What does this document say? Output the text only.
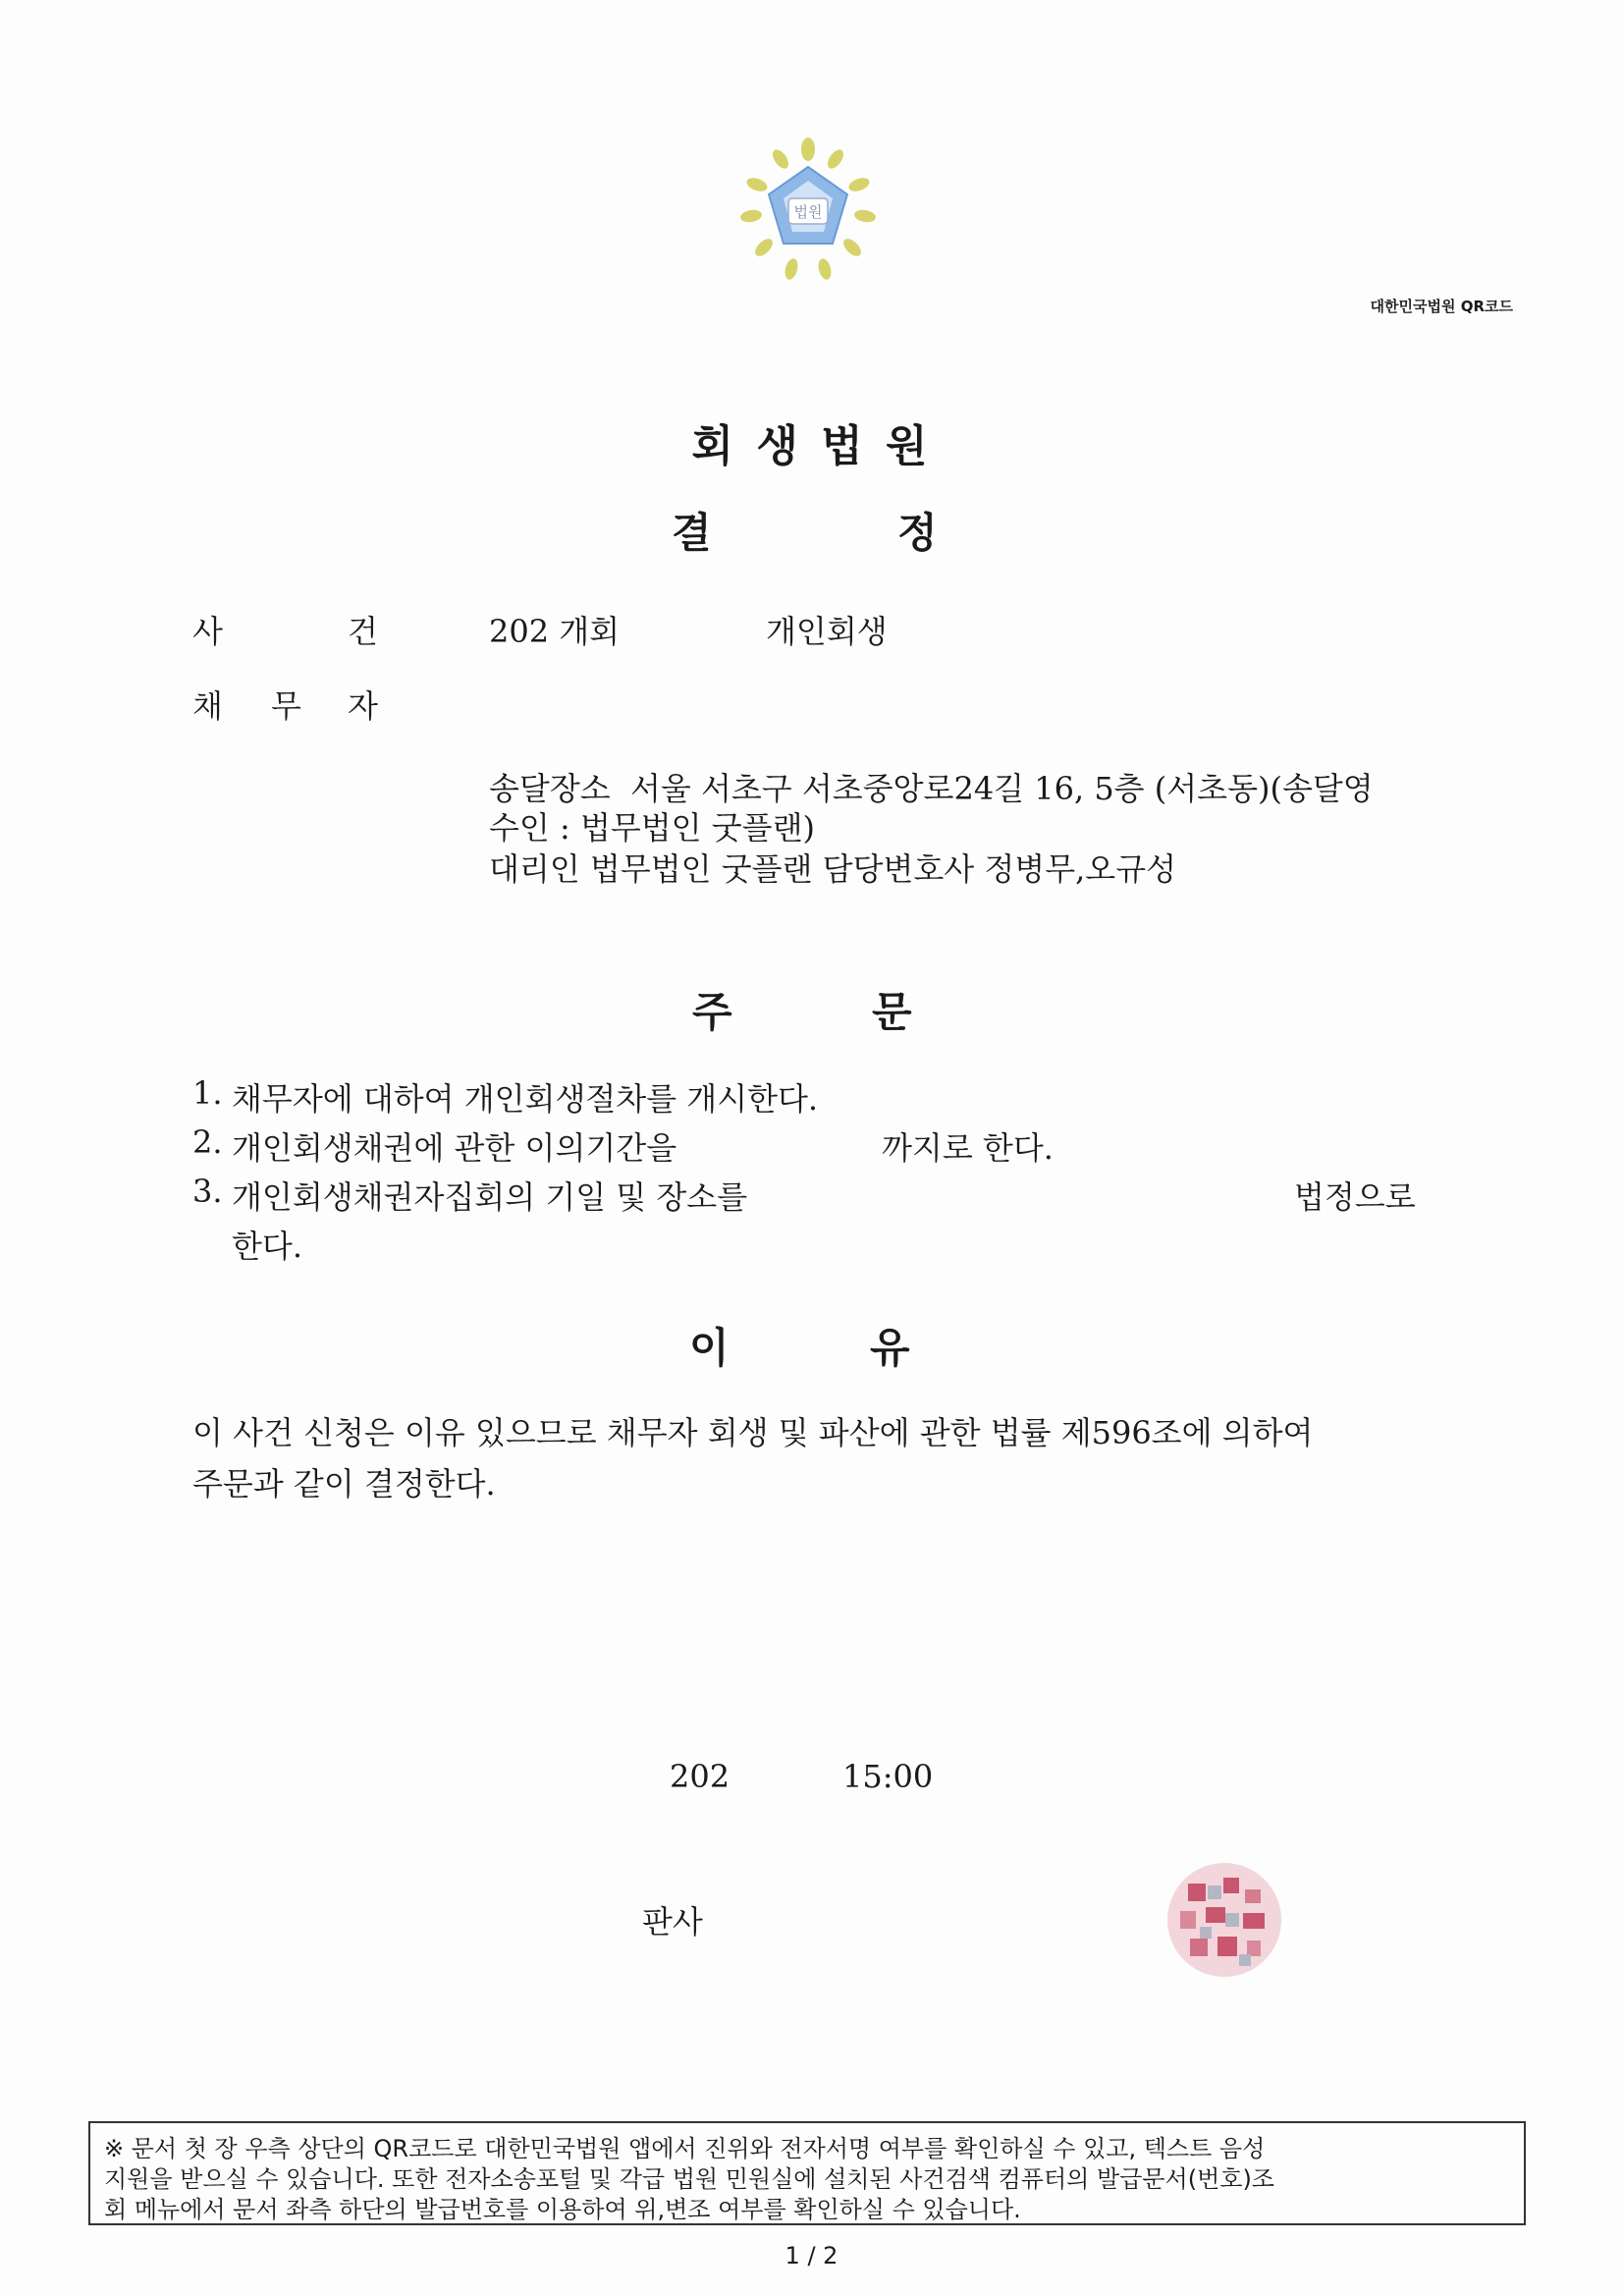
법원
대한민국법원 QR코드
회 생 법 원
결	정
사	건	202 개회	개인회생
채 무 자
송달장소  서울 서초구 서초중앙로24길 16, 5층 (서초동)(송달영
수인 : 법무법인 굿플랜)
대리인 법무법인 굿플랜 담당변호사 정병무,오규성
주	문
1. 채무자에 대하여 개인회생절차를 개시한다.
2. 개인회생채권에 관한 이의기간을	까지로 한다.
3. 개인회생채권자집회의 기일 및 장소를	법정으로
한다.
이	유
이 사건 신청은 이유 있으므로 채무자 회생 및 파산에 관한 법률 제596조에 의하여
주문과 같이 결정한다.
202	15:00
판사
※ 문서 첫 장 우측 상단의 QR코드로 대한민국법원 앱에서 진위와 전자서명 여부를 확인하실 수 있고, 텍스트 음성
지원을 받으실 수 있습니다. 또한 전자소송포털 및 각급 법원 민원실에 설치된 사건검색 컴퓨터의 발급문서(번호)조
회 메뉴에서 문서 좌측 하단의 발급번호를 이용하여 위,변조 여부를 확인하실 수 있습니다.
1 / 2
